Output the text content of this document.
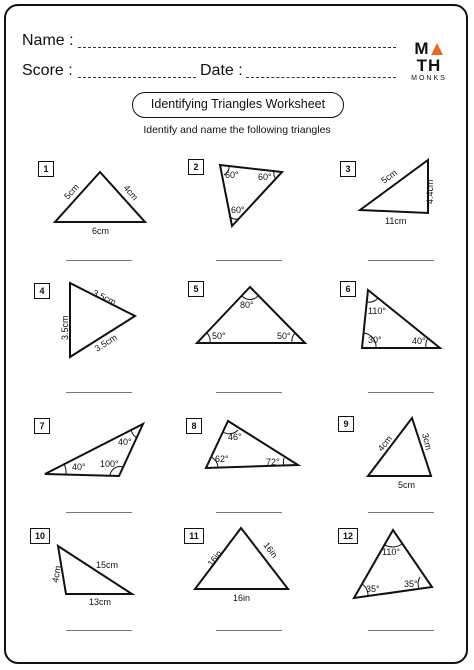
Name :
Score :	Date :
MTH
MONKS
Identifying Triangles Worksheet
Identify and name the following triangles
1	2	3
5cm	4cm
6cm
60° 60°
60°
5cm
4.4cm
11cm
3.5cm
3.5cm
3.5cm
80°
50°	50°
110°
30°	40°
40°
40°
100°
46°
62°	72°
4cm	3cm
5cm
15cm
4cm
13cm
16in	16in
16in
110°
35°	35°
4	5	6
7	8	9
10	11	12
